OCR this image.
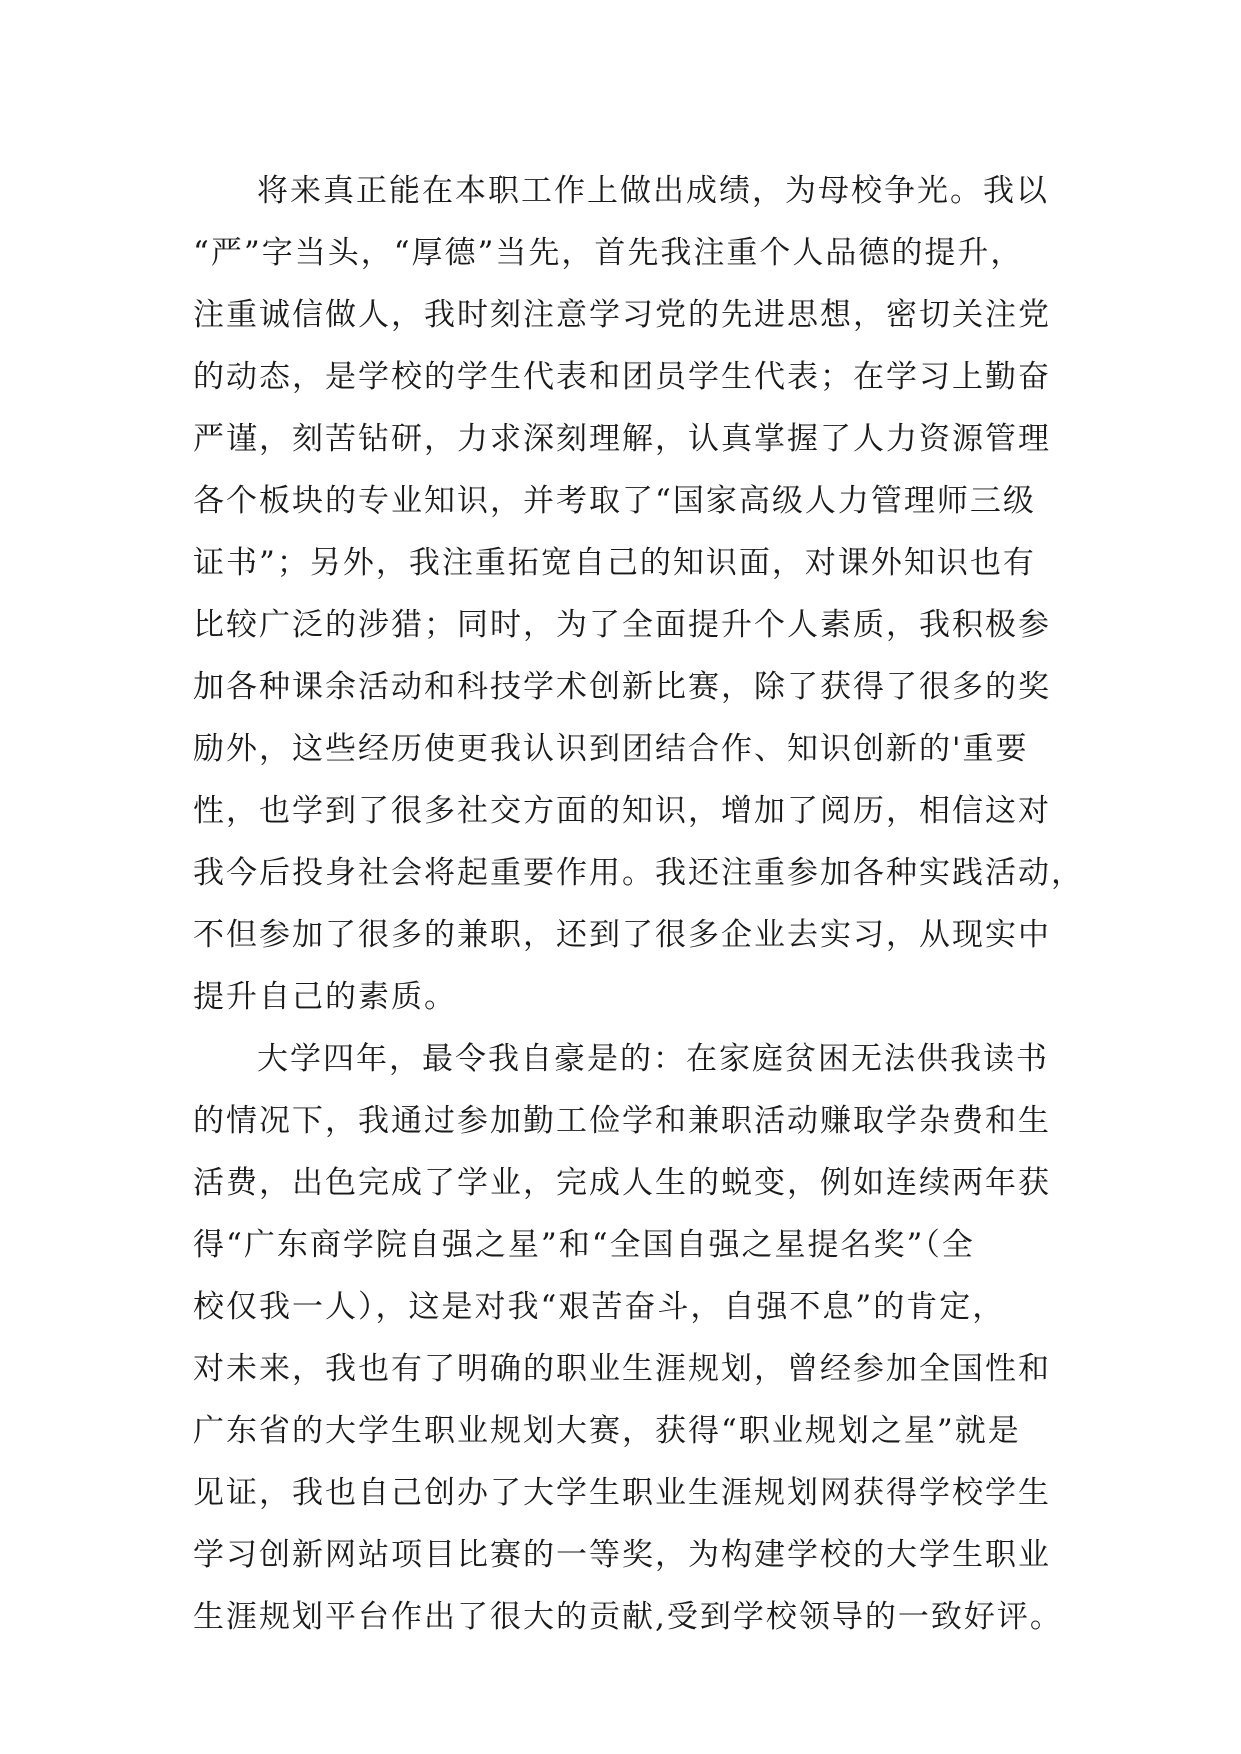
将来真正能在本职工作上做出成绩，为母校争光。我以
“严”字当头，“厚德”当先，首先我注重个人品德的提升，
注重诚信做人，我时刻注意学习党的先进思想，密切关注党
的动态，是学校的学生代表和团员学生代表；在学习上勤奋
严谨，刻苦钻研，力求深刻理解，认真掌握了人力资源管理
各个板块的专业知识，并考取了“国家高级人力管理师三级
证书”；另外，我注重拓宽自己的知识面，对课外知识也有
比较广泛的涉猎；同时，为了全面提升个人素质，我积极参
加各种课余活动和科技学术创新比赛，除了获得了很多的奖
励外，这些经历使更我认识到团结合作、知识创新的'重要
性，也学到了很多社交方面的知识，增加了阅历，相信这对
我今后投身社会将起重要作用。我还注重参加各种实践活动，
不但参加了很多的兼职，还到了很多企业去实习，从现实中
提升自己的素质。
大学四年，最令我自豪是的：在家庭贫困无法供我读书
的情况下，我通过参加勤工俭学和兼职活动赚取学杂费和生
活费，出色完成了学业，完成人生的蜕变，例如连续两年获
得“广东商学院自强之星”和“全国自强之星提名奖”（全
校仅我一人），这是对我“艰苦奋斗，自强不息”的肯定，
对未来，我也有了明确的职业生涯规划，曾经参加全国性和
广东省的大学生职业规划大赛，获得“职业规划之星”就是
见证，我也自己创办了大学生职业生涯规划网获得学校学生
学习创新网站项目比赛的一等奖，为构建学校的大学生职业
生涯规划平台作出了很大的贡献,受到学校领导的一致好评。
